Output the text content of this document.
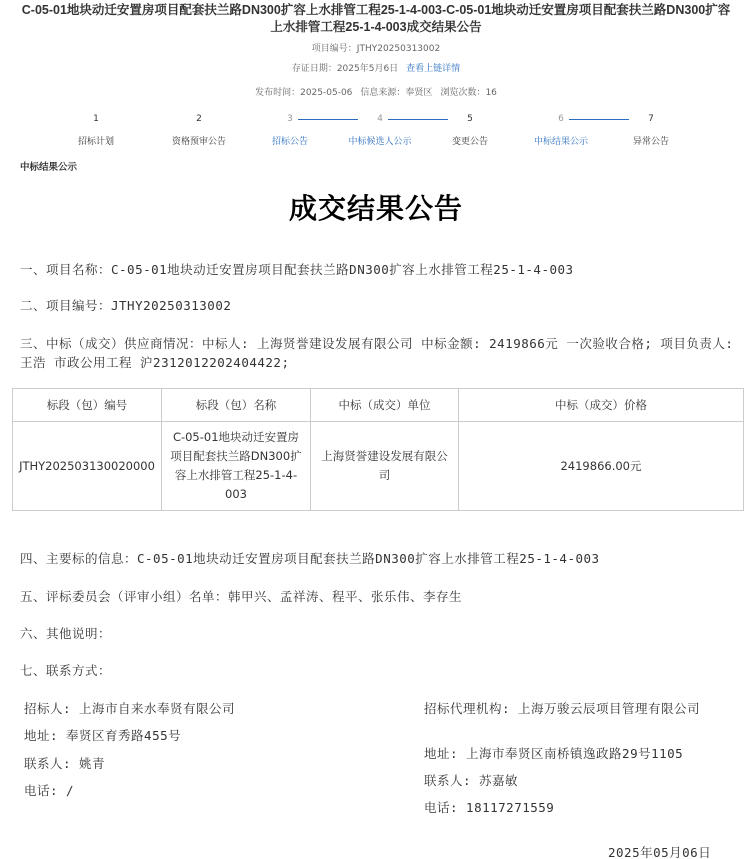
C-05-01地块动迁安置房项目配套扶兰路DN300扩容上水排管工程25-1-4-003-C-05-01地块动迁安置房项目配套扶兰路DN300扩容上水排管工程25-1-4-003成交结果公告
项目编号：JTHY20250313002
存证日期：2025年5月6日 查看上链详情
发布时间：2025-05-06 信息来源：奉贤区 浏览次数：16
1
招标计划
2
资格预审公告
3
招标公告
4
中标候选人公示
5
变更公告
6
中标结果公示
7
异常公告
中标结果公示
成交结果公告
一、项目名称：C-05-01地块动迁安置房项目配套扶兰路DN300扩容上水排管工程25-1-4-003
二、项目编号：JTHY20250313002
三、中标（成交）供应商情况：中标人: 上海贤誉建设发展有限公司 中标金额: 2419866元 一次验收合格; 项目负责人: 王浩 市政公用工程 沪2312012202404422;
标段（包）编号	标段（包）名称	中标（成交）单位	中标（成交）价格
JTHY202503130020000	C-05-01地块动迁安置房项目配套扶兰路DN300扩容上水排管工程25-1-4-003	上海贤誉建设发展有限公司	2419866.00元
四、主要标的信息：C-05-01地块动迁安置房项目配套扶兰路DN300扩容上水排管工程25-1-4-003
五、评标委员会（评审小组）名单：韩甲兴、孟祥涛、程平、张乐伟、李存生
六、其他说明：
七、联系方式：
招标人: 上海市自来水奉贤有限公司
地址: 奉贤区育秀路455号
联系人: 姚青
电话: /
招标代理机构: 上海万骏云辰项目管理有限公司
地址: 上海市奉贤区南桥镇逸政路29号1105
联系人: 苏嘉敏
电话: 18117271559
2025年05月06日
